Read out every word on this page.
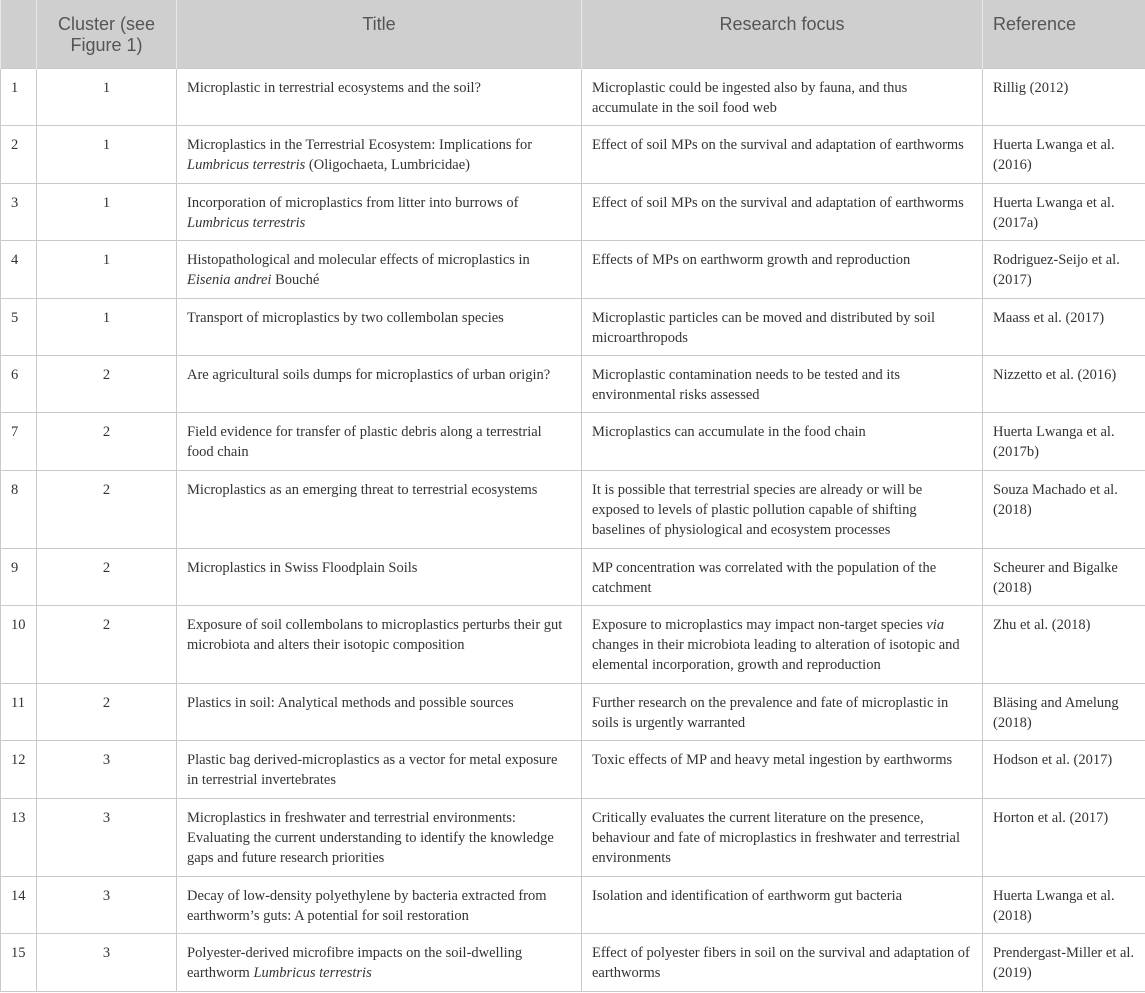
	Cluster (see Figure 1)	Title	Research focus	Reference
1	1	Microplastic in terrestrial ecosystems and the soil?	Microplastic could be ingested also by fauna, and thus accumulate in the soil food web	Rillig (2012)
2	1	Microplastics in the Terrestrial Ecosystem: Implications for Lumbricus terrestris (Oligochaeta, Lumbricidae)	Effect of soil MPs on the survival and adaptation of earthworms	Huerta Lwanga et al. (2016)
3	1	Incorporation of microplastics from litter into burrows of Lumbricus terrestris	Effect of soil MPs on the survival and adaptation of earthworms	Huerta Lwanga et al. (2017a)
4	1	Histopathological and molecular effects of microplastics in Eisenia andrei Bouché	Effects of MPs on earthworm growth and reproduction	Rodriguez-Seijo et al. (2017)
5	1	Transport of microplastics by two collembolan species	Microplastic particles can be moved and distributed by soil microarthropods	Maass et al. (2017)
6	2	Are agricultural soils dumps for microplastics of urban origin?	Microplastic contamination needs to be tested and its environmental risks assessed	Nizzetto et al. (2016)
7	2	Field evidence for transfer of plastic debris along a terrestrial food chain	Microplastics can accumulate in the food chain	Huerta Lwanga et al. (2017b)
8	2	Microplastics as an emerging threat to terrestrial ecosystems	It is possible that terrestrial species are already or will be exposed to levels of plastic pollution capable of shifting baselines of physiological and ecosystem processes	Souza Machado et al. (2018)
9	2	Microplastics in Swiss Floodplain Soils	MP concentration was correlated with the population of the catchment	Scheurer and Bigalke (2018)
10	2	Exposure of soil collembolans to microplastics perturbs their gut microbiota and alters their isotopic composition	Exposure to microplastics may impact non-target species via changes in their microbiota leading to alteration of isotopic and elemental incorporation, growth and reproduction	Zhu et al. (2018)
11	2	Plastics in soil: Analytical methods and possible sources	Further research on the prevalence and fate of microplastic in soils is urgently warranted	Bläsing and Amelung (2018)
12	3	Plastic bag derived-microplastics as a vector for metal exposure in terrestrial invertebrates	Toxic effects of MP and heavy metal ingestion by earthworms	Hodson et al. (2017)
13	3	Microplastics in freshwater and terrestrial environments: Evaluating the current understanding to identify the knowledge gaps and future research priorities	Critically evaluates the current literature on the presence, behaviour and fate of microplastics in freshwater and terrestrial environments	Horton et al. (2017)
14	3	Decay of low-density polyethylene by bacteria extracted from earthworm’s guts: A potential for soil restoration	Isolation and identification of earthworm gut bacteria	Huerta Lwanga et al. (2018)
15	3	Polyester-derived microfibre impacts on the soil-dwelling earthworm Lumbricus terrestris	Effect of polyester fibers in soil on the survival and adaptation of earthworms	Prendergast-Miller et al. (2019)
